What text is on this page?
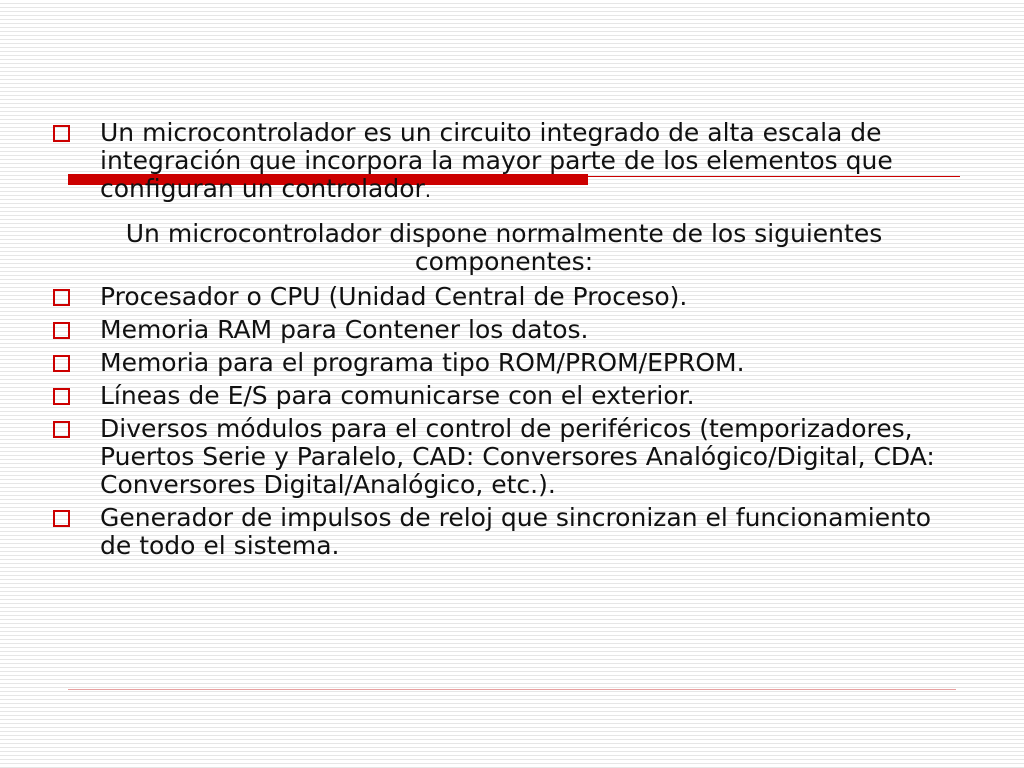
Un microcontrolador es un circuito integrado de alta escala de integración que incorpora la mayor parte de los elementos que configuran un controlador.
Un microcontrolador dispone normalmente de los siguientes componentes:
Procesador o CPU (Unidad Central de Proceso).
Memoria RAM para Contener los datos.
Memoria para el programa tipo ROM/PROM/EPROM.
Líneas de E/S para comunicarse con el exterior.
Diversos módulos para el control de periféricos (temporizadores, Puertos Serie y Paralelo, CAD: Conversores Analógico/Digital, CDA: Conversores Digital/Analógico, etc.).
Generador de impulsos de reloj que sincronizan el funcionamiento de todo el sistema.
